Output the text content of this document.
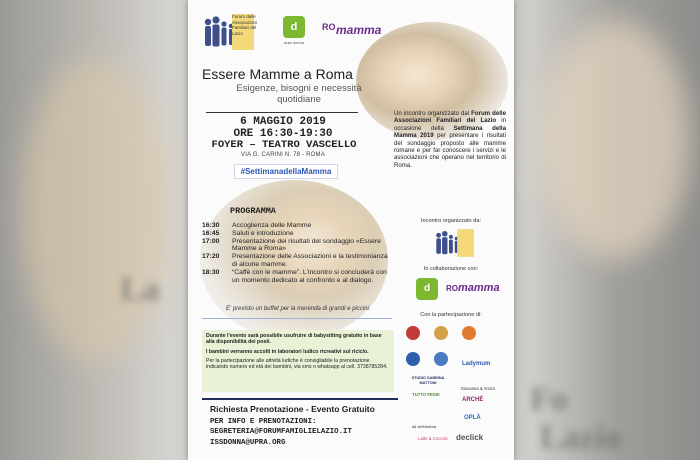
La
Fo
Lazio
Forum delle Associazioni Familiari del Lazio	d
aula donna
RO mamma
Essere Mamme a Roma
Esigenze, bisogni e necessità quotidiane
6 MAGGIO 2019
ORE 16:30-19:30
FOYER – TEATRO VASCELLO
VIA G. CARINI N. 78 - ROMA
#SettimanadellaMamma
Un incontro organizzato dal Forum delle Associazioni Familiari del Lazio in occasione della Settimana della Mamma 2019 per presentare i risultati del sondaggio proposto alle mamme romane e per far conoscere i servizi e le associazioni che operano nel territorio di Roma.
PROGRAMMA
16:30	Accoglienza delle Mamme
16:45	Saluti e introduzione
17:00	Presentazione dei risultati del sondaggio «Essere Mamme a Roma»
17:20	Presentazione delle Associazioni e la testimonianza di alcune mamme.
18:30	“Caffè con le mamme”. L'incontro si concluderà con un momento dedicato al confronto e al dialogo.
E' previsto un buffet per la merenda di grandi e piccini.

Durante l'evento sarà possibile usufruire di babysitting gratuito in base alla disponibilità dei posti.

I bambini verranno accolti in laboratori ludico ricreativi sul riciclo.

Per la partecipazione alle attività ludiche è consigliabile la prenotazione indicando numero ed età dei bambini, via sms o whatsapp al cell. 3738785284.

Richiesta Prenotazione - Evento Gratuito
PER INFO E PRENOTAZIONI:
SEGRETERIA@FORUMFAMIGLIELAZIO.IT
ISSDONNA@UPRA.ORG
Incontro organizzato da:
In collaborazione con:
d	ROmamma
Con la partecipazione di:
Ladymum
STUDIO SABRINA MATTONI
Giovanna & Amico
TUTTO PEDIE
ARCHÉ
Ali dell'Ambra
OPLÀ
Latte & Coccole declick
